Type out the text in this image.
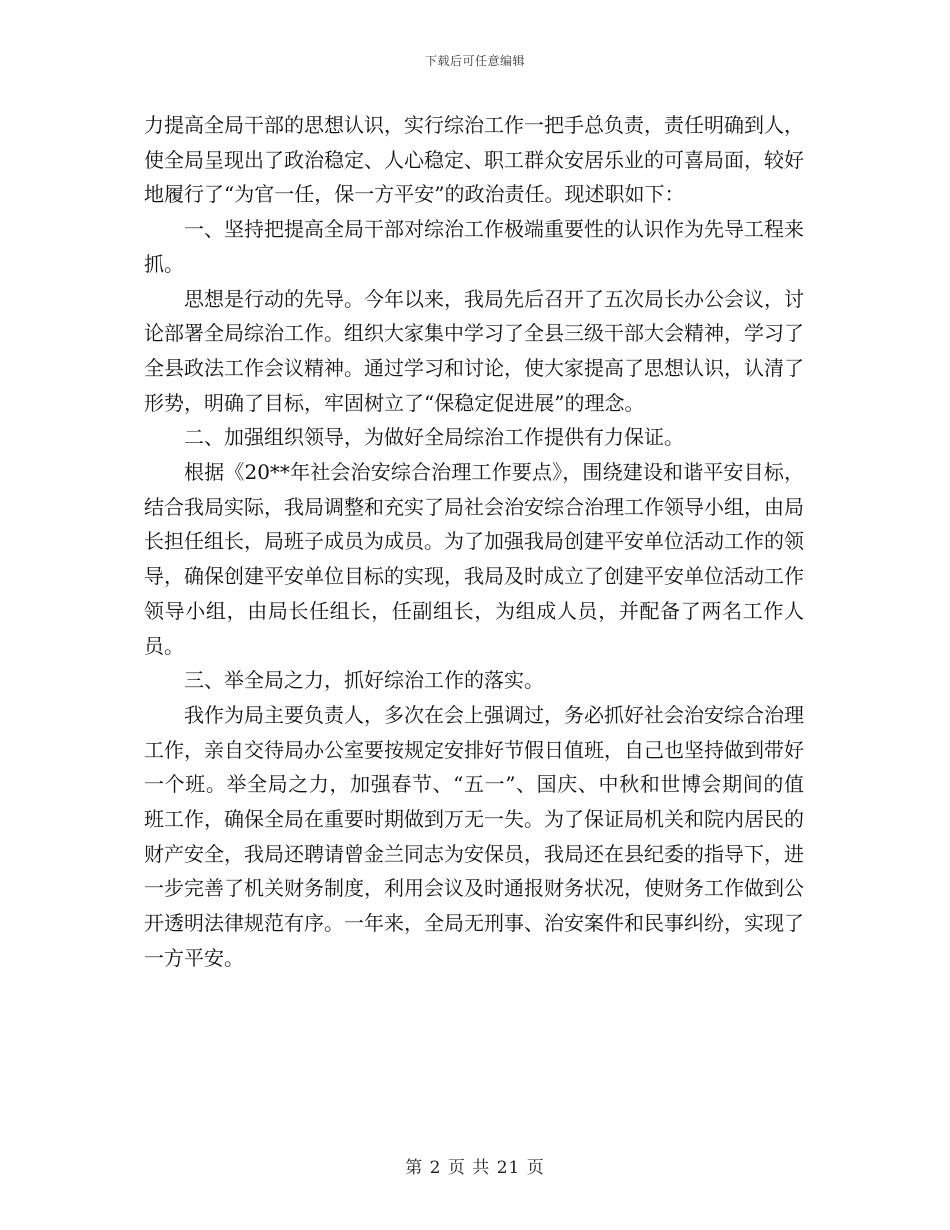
下载后可任意编辑

力提高全局干部的思想认识，实行综治工作一把手总负责，责任明确到人，使全局呈现出了政治稳定、人心稳定、职工群众安居乐业的可喜局面，较好地履行了“为官一任，保一方平安”的政治责任。现述职如下：

一、坚持把提高全局干部对综治工作极端重要性的认识作为先导工程来抓。

思想是行动的先导。今年以来，我局先后召开了五次局长办公会议，讨论部署全局综治工作。组织大家集中学习了全县三级干部大会精神，学习了全县政法工作会议精神。通过学习和讨论，使大家提高了思想认识，认清了形势，明确了目标，牢固树立了“保稳定促进展”的理念。

二、加强组织领导，为做好全局综治工作提供有力保证。

根据《20**年社会治安综合治理工作要点》，围绕建设和谐平安目标，结合我局实际，我局调整和充实了局社会治安综合治理工作领导小组，由局长担任组长，局班子成员为成员。为了加强我局创建平安单位活动工作的领导，确保创建平安单位目标的实现，我局及时成立了创建平安单位活动工作领导小组，由局长任组长，任副组长，为组成人员，并配备了两名工作人员。

三、举全局之力，抓好综治工作的落实。

我作为局主要负责人，多次在会上强调过，务必抓好社会治安综合治理工作，亲自交待局办公室要按规定安排好节假日值班，自己也坚持做到带好一个班。举全局之力，加强春节、“五一”、国庆、中秋和世博会期间的值班工作，确保全局在重要时期做到万无一失。为了保证局机关和院内居民的财产安全，我局还聘请曾金兰同志为安保员，我局还在县纪委的指导下，进一步完善了机关财务制度，利用会议及时通报财务状况，使财务工作做到公开透明法律规范有序。一年来，全局无刑事、治安案件和民事纠纷，实现了一方平安。

第 2 页 共 21 页
